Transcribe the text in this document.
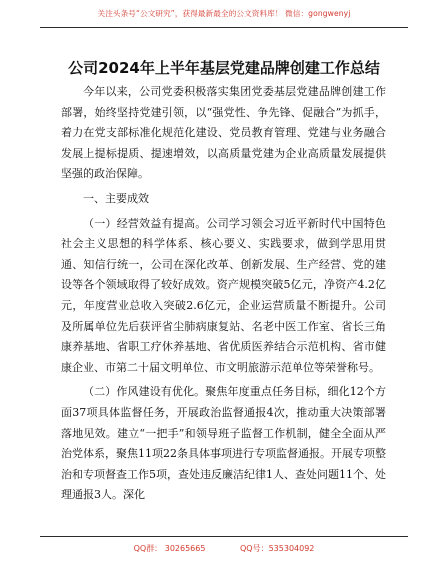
关注头条号“公文研究”，获得最新最全的公文资料库！ 微信：gongwenyj
公司2024年上半年基层党建品牌创建工作总结

今年以来，公司党委积极落实集团党委基层党建品牌创建工作部署，始终坚持党建引领，以“强党性、争先锋、促融合”为抓手，着力在党支部标准化规范化建设、党员教育管理、党建与业务融合发展上提标提质、提速增效，以高质量党建为企业高质量发展提供坚强的政治保障。

一、主要成效

（一）经营效益有提高。公司学习领会习近平新时代中国特色社会主义思想的科学体系、核心要义、实践要求，做到学思用贯通、知信行统一，公司在深化改革、创新发展、生产经营、党的建设等各个领域取得了较好成效。资产规模突破5亿元，净资产4.2亿元，年度营业总收入突破2.6亿元，企业运营质量不断提升。公司及所属单位先后获评省尘肺病康复站、名老中医工作室、省长三角康养基地、省职工疗休养基地、省优质医养结合示范机构、省市健康企业、市第二十届文明单位、市文明旅游示范单位等荣誉称号。

（二）作风建设有优化。聚焦年度重点任务目标，细化12个方面37项具体监督任务，开展政治监督通报4次，推动重大决策部署落地见效。建立“一把手”和领导班子监督工作机制，健全全面从严治党体系，聚焦11项22条具体事项进行专项监督通报。开展专项整治和专项督查工作5项，查处违反廉洁纪律1人、查处问题11个、处理通报3人。深化

QQ群： 30265665	QQ号：535304092
